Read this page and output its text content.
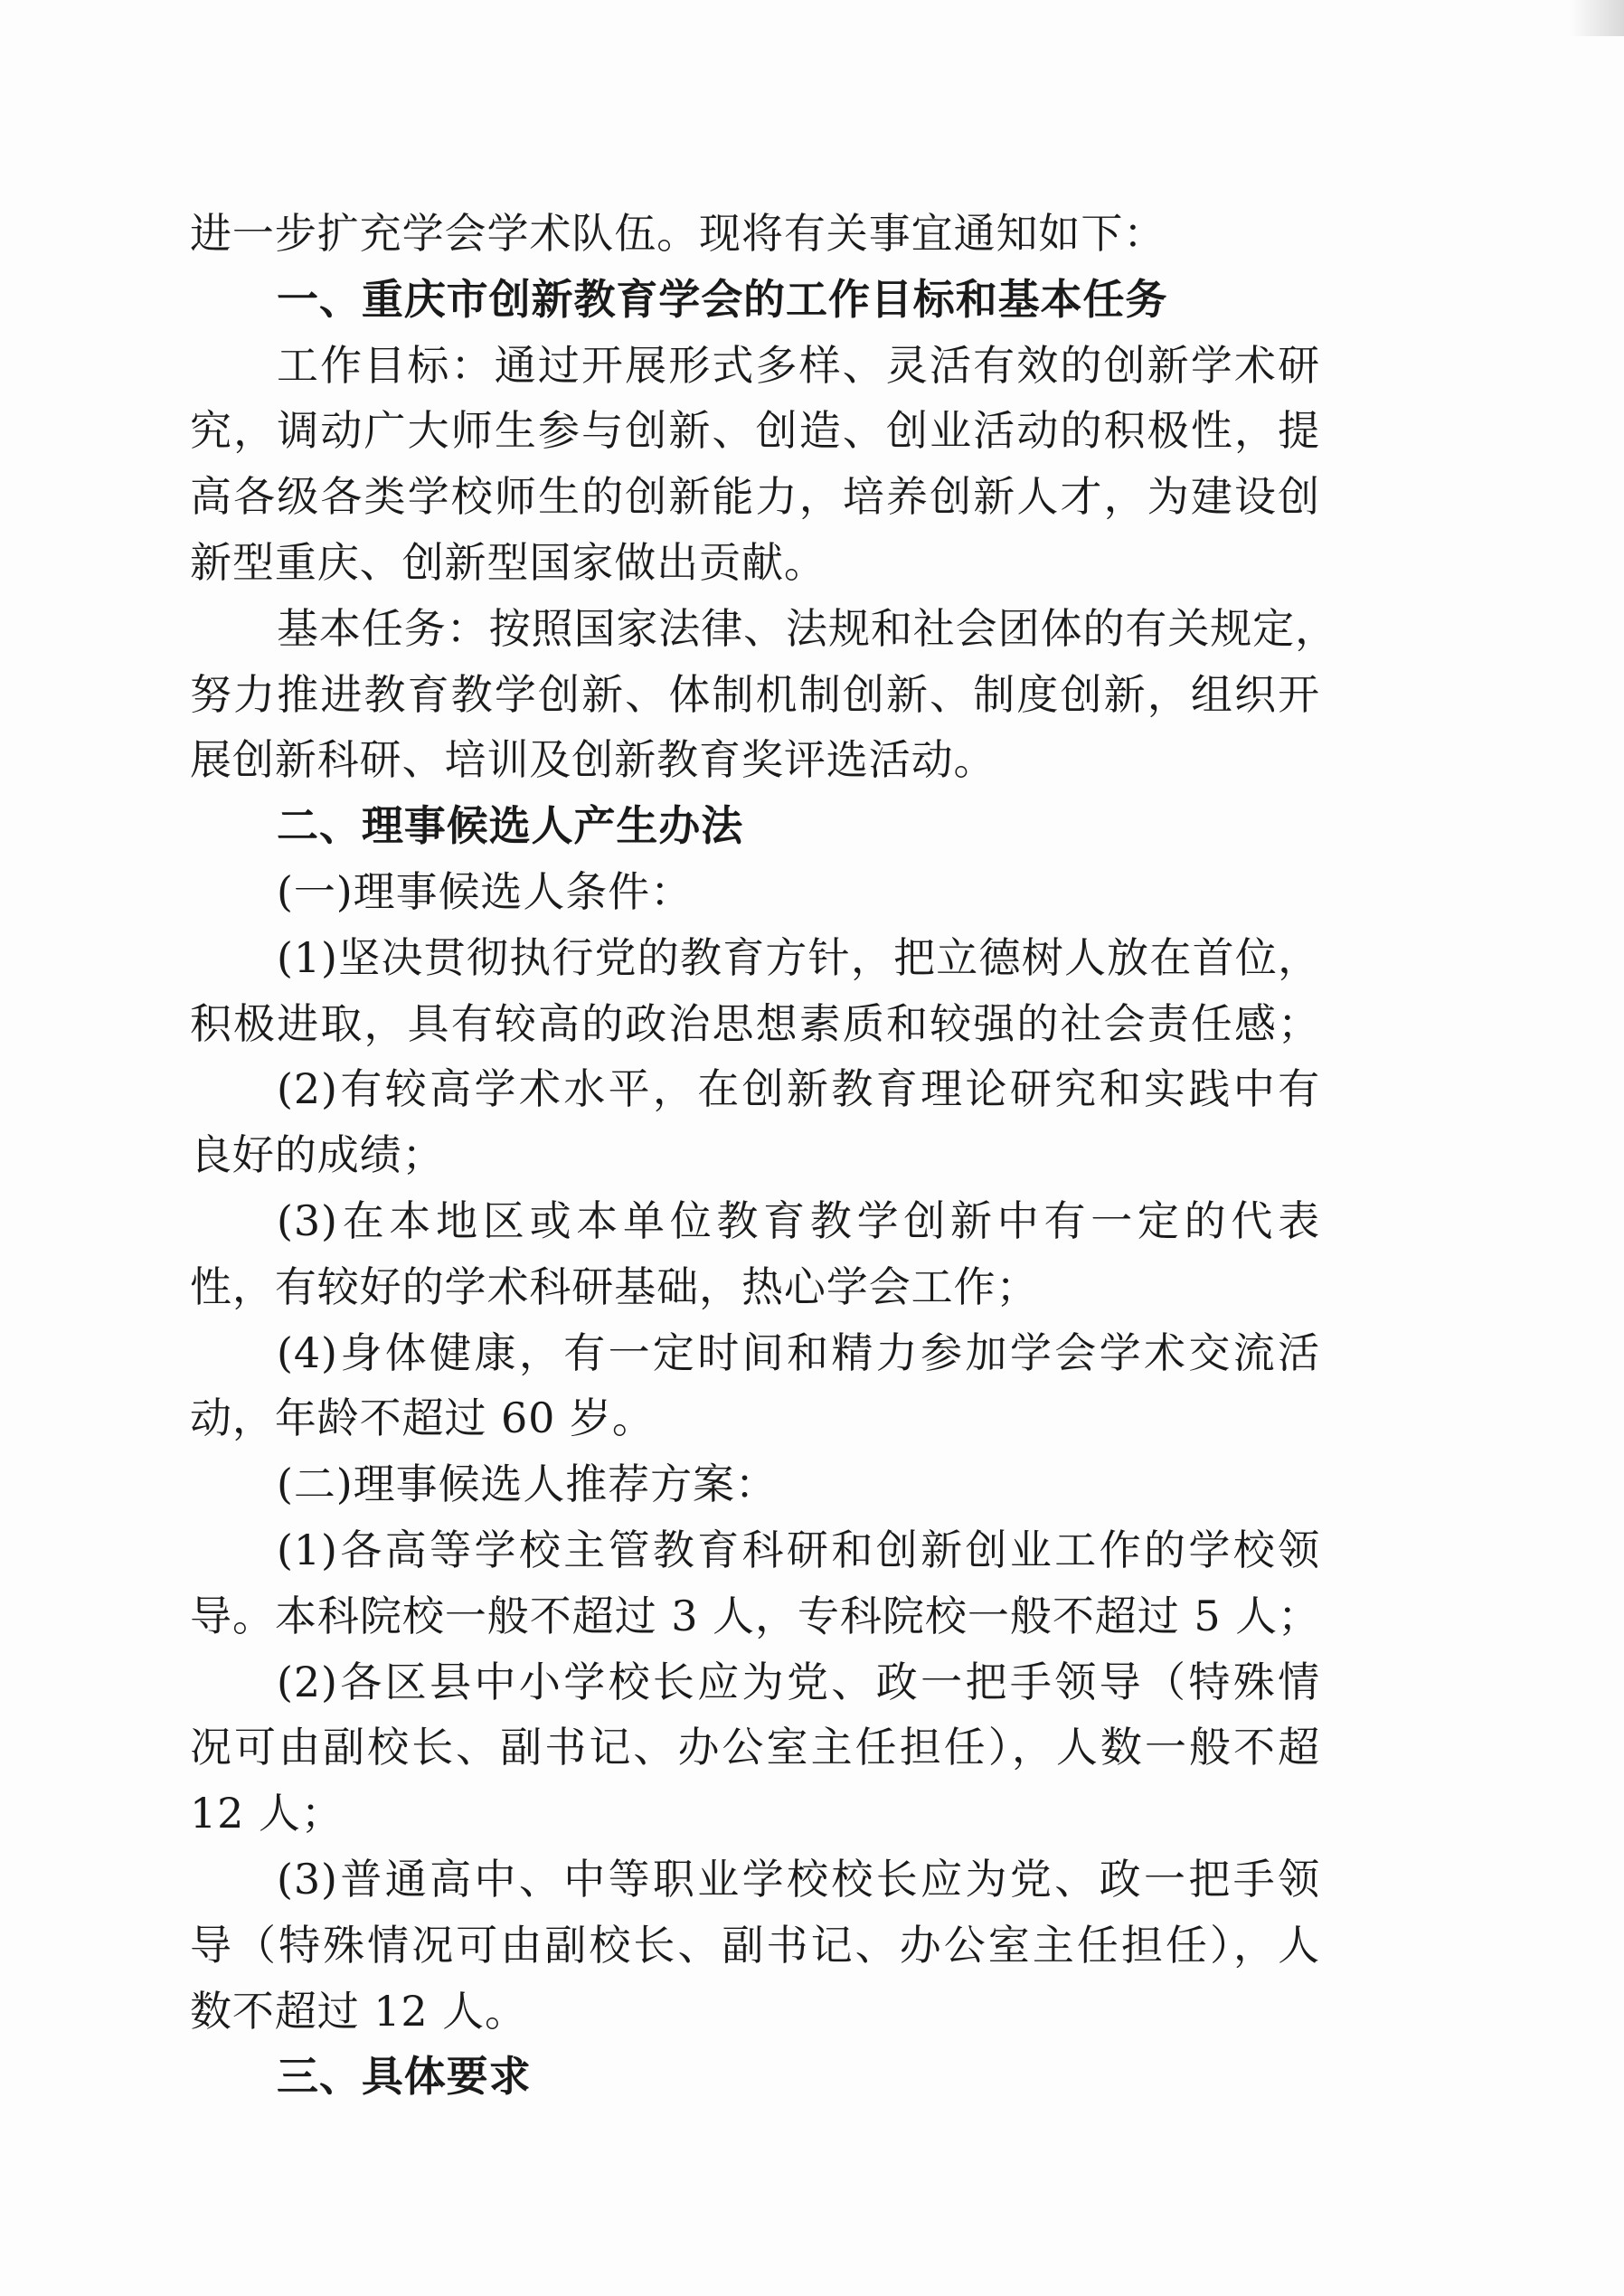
进一步扩充学会学术队伍。现将有关事宜通知如下：
一、重庆市创新教育学会的工作目标和基本任务
工作目标：通过开展形式多样、灵活有效的创新学术研
究，调动广大师生参与创新、创造、创业活动的积极性，提
高各级各类学校师生的创新能力，培养创新人才，为建设创
新型重庆、创新型国家做出贡献。
基本任务：按照国家法律、法规和社会团体的有关规定，
努力推进教育教学创新、体制机制创新、制度创新，组织开
展创新科研、培训及创新教育奖评选活动。
二、理事候选人产生办法
(一)理事候选人条件：
(1)坚决贯彻执行党的教育方针，把立德树人放在首位，
积极进取，具有较高的政治思想素质和较强的社会责任感；
(2)有较高学术水平，在创新教育理论研究和实践中有
良好的成绩；
(3)在本地区或本单位教育教学创新中有一定的代表
性，有较好的学术科研基础，热心学会工作；
(4)身体健康，有一定时间和精力参加学会学术交流活
动，年龄不超过 60 岁。
(二)理事候选人推荐方案：
(1)各高等学校主管教育科研和创新创业工作的学校领
导。本科院校一般不超过 3 人，专科院校一般不超过 5 人；
(2)各区县中小学校长应为党、政一把手领导（特殊情
况可由副校长、副书记、办公室主任担任），人数一般不超
12 人；
(3)普通高中、中等职业学校校长应为党、政一把手领
导（特殊情况可由副校长、副书记、办公室主任担任），人
数不超过 12 人。
三、具体要求
